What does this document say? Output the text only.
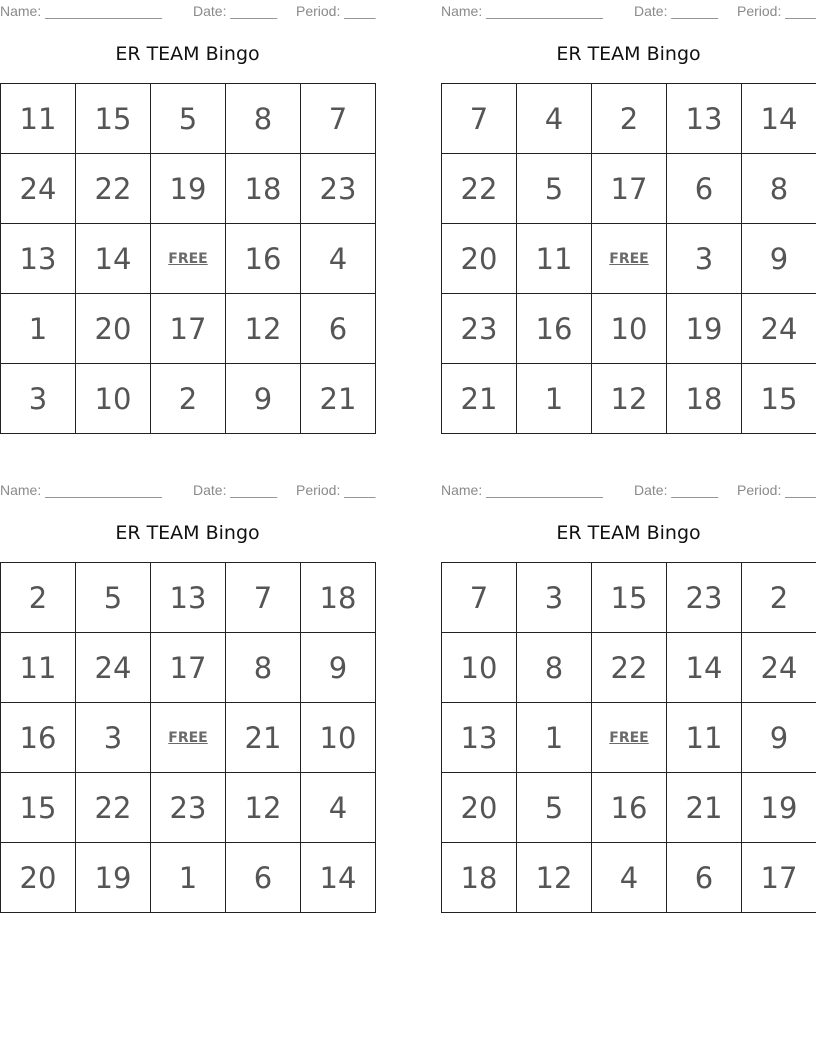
Name: _______________ Date: ______ Period: ____
ER TEAM Bingo
11	15	5	8	7
24	22	19	18	23
13	14	FREE	16	4
1	20	17	12	6
3	10	2	9	21
Name: _______________ Date: ______ Period: ____
ER TEAM Bingo
7	4	2	13	14
22	5	17	6	8
20	11	FREE	3	9
23	16	10	19	24
21	1	12	18	15
Name: _______________ Date: ______ Period: ____
ER TEAM Bingo
2	5	13	7	18
11	24	17	8	9
16	3	FREE	21	10
15	22	23	12	4
20	19	1	6	14
Name: _______________ Date: ______ Period: ____
ER TEAM Bingo
7	3	15	23	2
10	8	22	14	24
13	1	FREE	11	9
20	5	16	21	19
18	12	4	6	17
